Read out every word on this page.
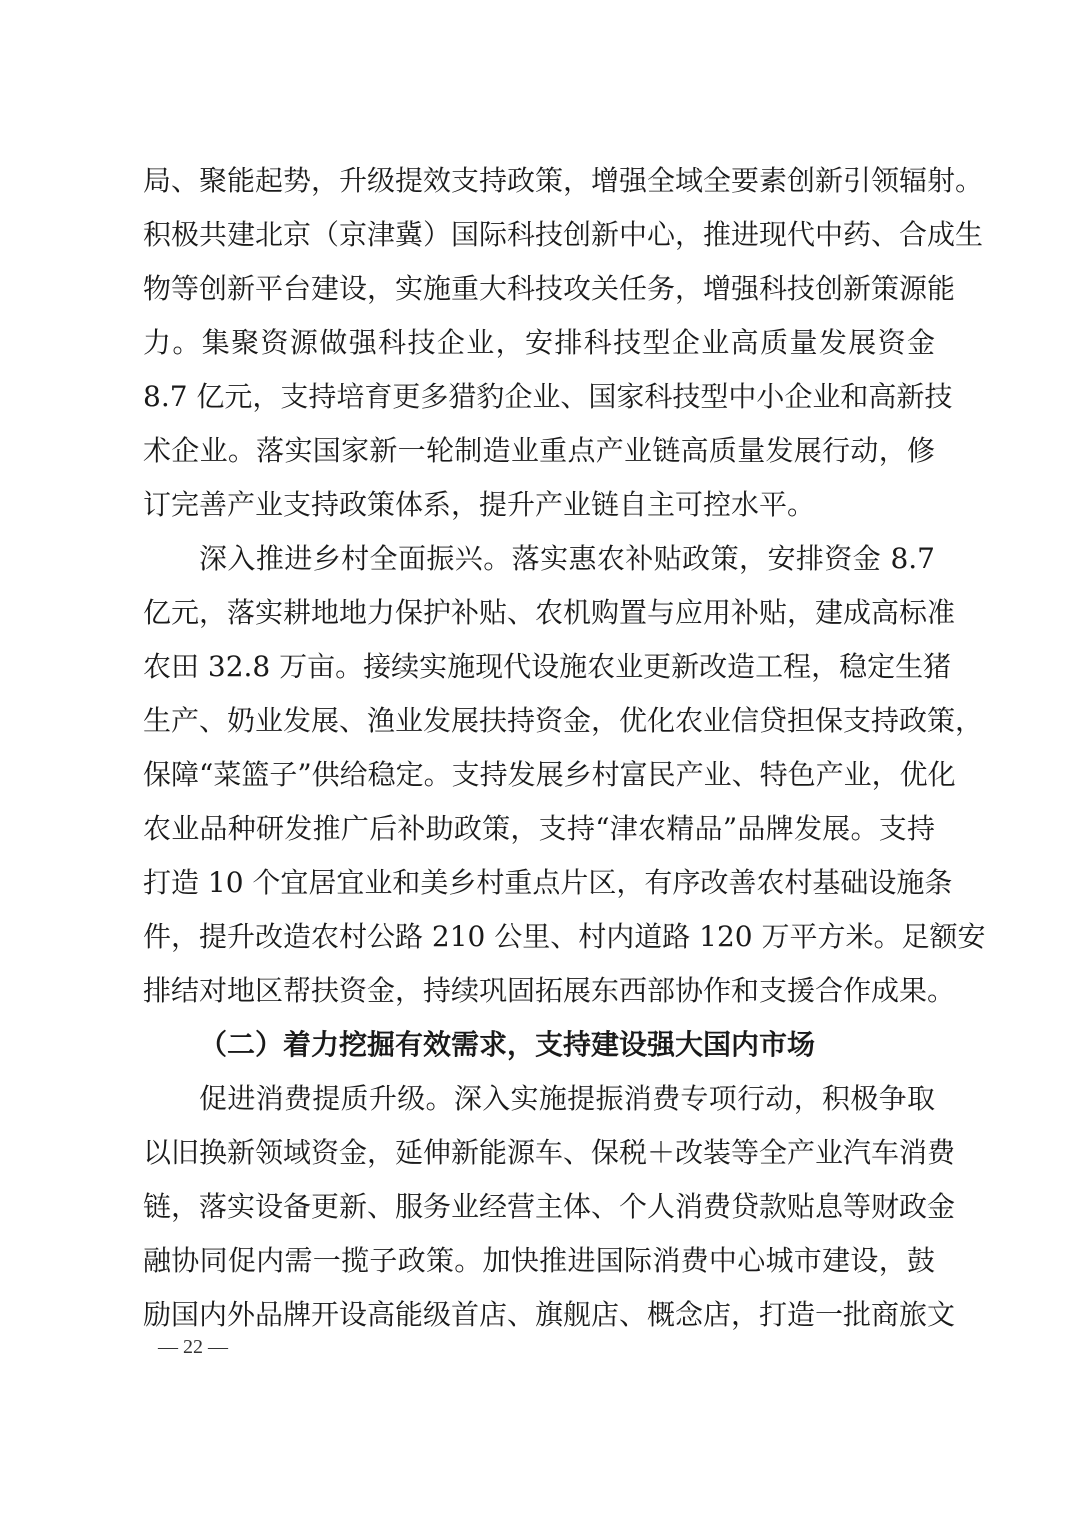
局、聚能起势，升级提效支持政策，增强全域全要素创新引领辐射。
积极共建北京（京津冀）国际科技创新中心，推进现代中药、合成生
物等创新平台建设，实施重大科技攻关任务，增强科技创新策源能
力。集聚资源做强科技企业，安排科技型企业高质量发展资金
8.7 亿元，支持培育更多猎豹企业、国家科技型中小企业和高新技
术企业。落实国家新一轮制造业重点产业链高质量发展行动，修
订完善产业支持政策体系，提升产业链自主可控水平。
深入推进乡村全面振兴。落实惠农补贴政策，安排资金 8.7
亿元，落实耕地地力保护补贴、农机购置与应用补贴，建成高标准
农田 32.8 万亩。接续实施现代设施农业更新改造工程，稳定生猪
生产、奶业发展、渔业发展扶持资金，优化农业信贷担保支持政策，
保障“菜篮子”供给稳定。支持发展乡村富民产业、特色产业，优化
农业品种研发推广后补助政策，支持“津农精品”品牌发展。支持
打造 10 个宜居宜业和美乡村重点片区，有序改善农村基础设施条
件，提升改造农村公路 210 公里、村内道路 120 万平方米。足额安
排结对地区帮扶资金，持续巩固拓展东西部协作和支援合作成果。
（二）着力挖掘有效需求，支持建设强大国内市场
促进消费提质升级。深入实施提振消费专项行动，积极争取
以旧换新领域资金，延伸新能源车、保税＋改装等全产业汽车消费
链，落实设备更新、服务业经营主体、个人消费贷款贴息等财政金
融协同促内需一揽子政策。加快推进国际消费中心城市建设，鼓
励国内外品牌开设高能级首店、旗舰店、概念店，打造一批商旅文
— 22 —
